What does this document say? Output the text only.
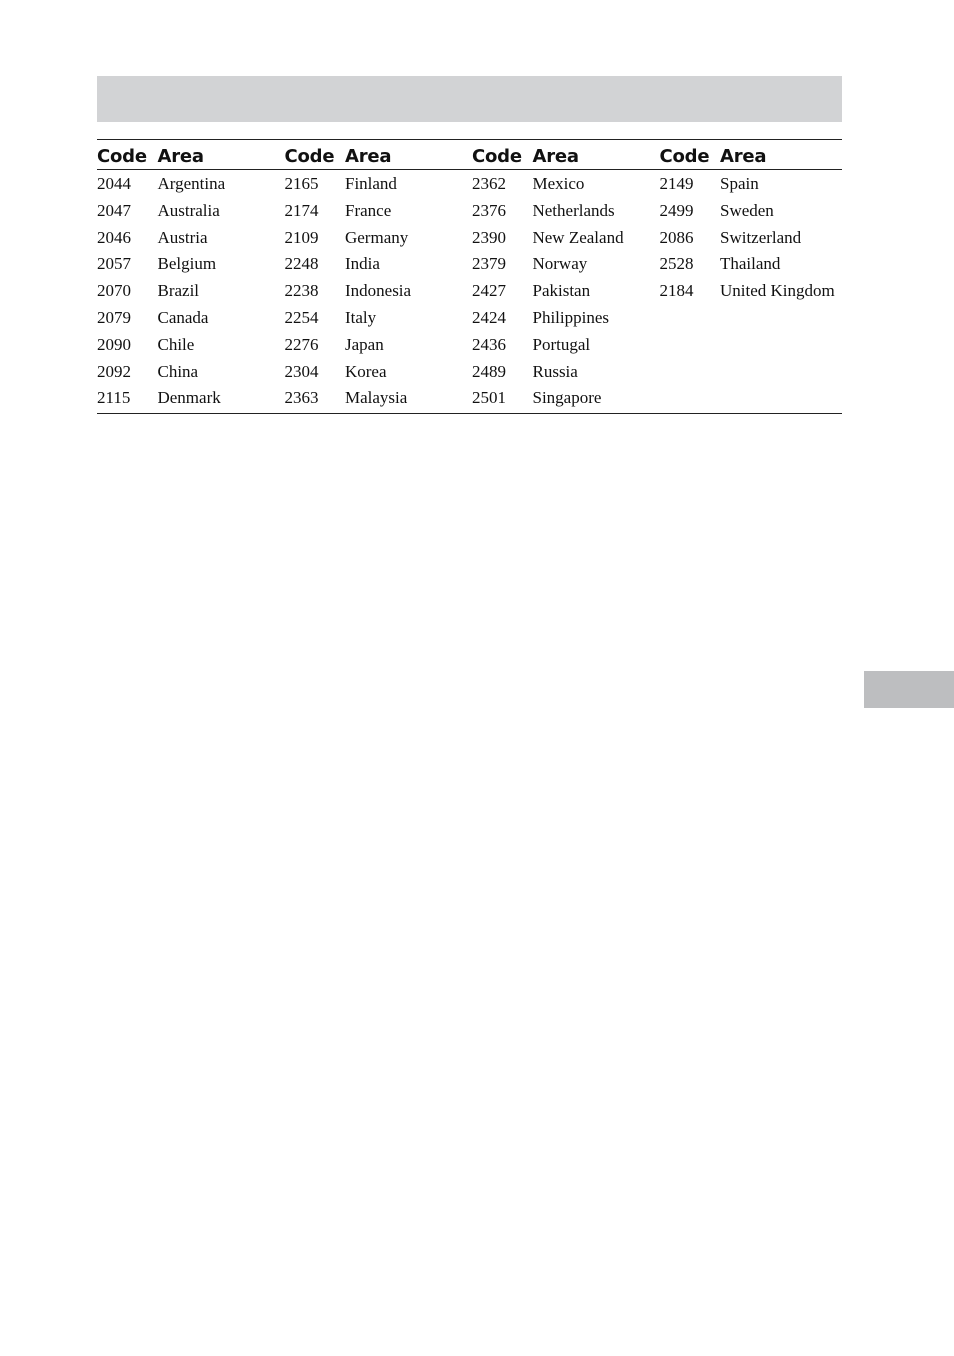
Code	Area	Code	Area	Code	Area	Code	Area
2044	Argentina	2165	Finland	2362	Mexico	2149	Spain
2047	Australia	2174	France	2376	Netherlands	2499	Sweden
2046	Austria	2109	Germany	2390	New Zealand	2086	Switzerland
2057	Belgium	2248	India	2379	Norway	2528	Thailand
2070	Brazil	2238	Indonesia	2427	Pakistan	2184	United Kingdom
2079	Canada	2254	Italy	2424	Philippines		
2090	Chile	2276	Japan	2436	Portugal		
2092	China	2304	Korea	2489	Russia		
2115	Denmark	2363	Malaysia	2501	Singapore		
